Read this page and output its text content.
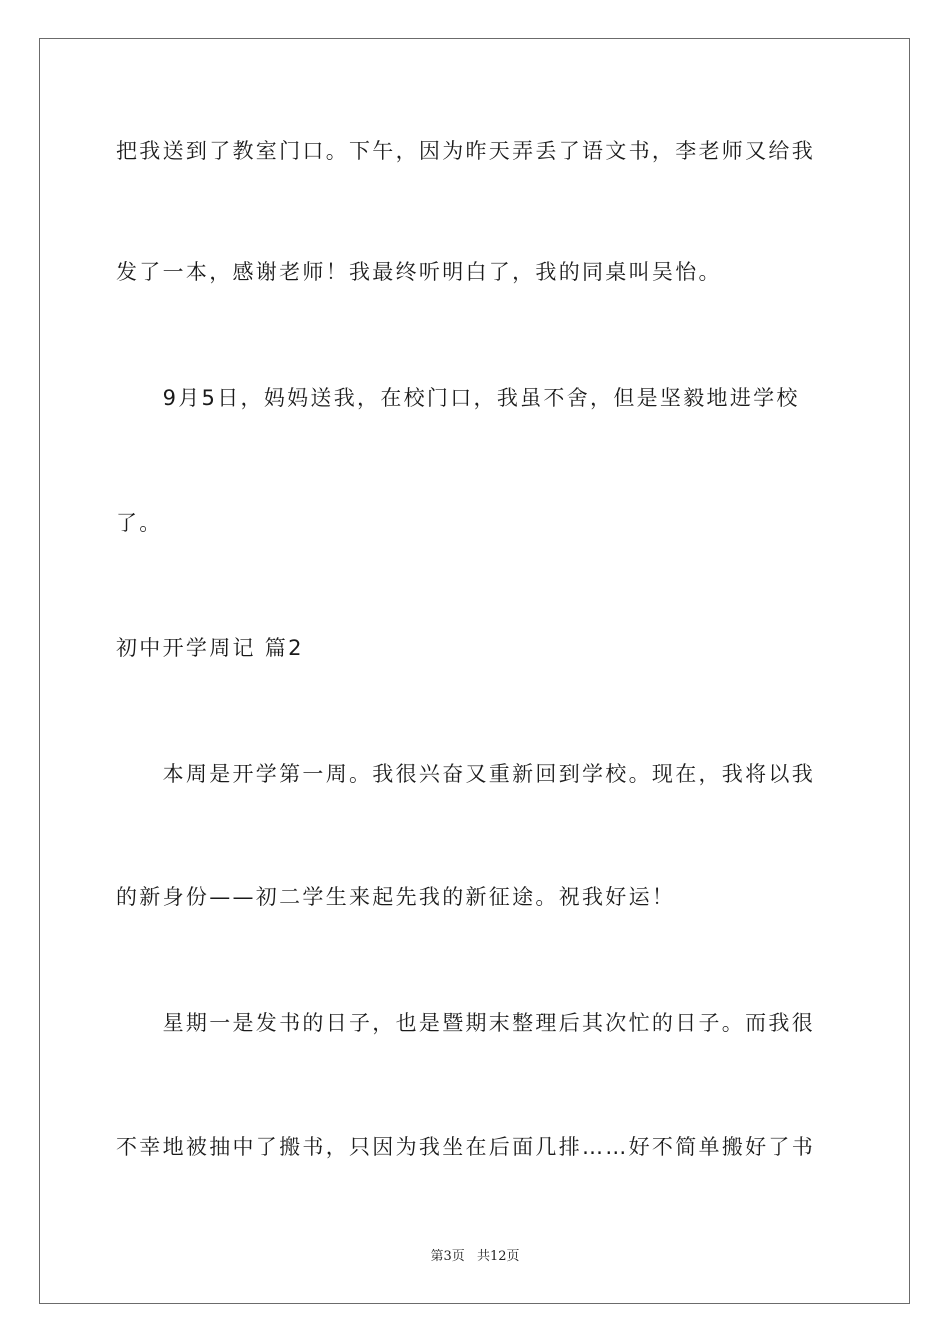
把我送到了教室门口。下午，因为昨天弄丢了语文书，李老师又给我
发了一本，感谢老师！我最终听明白了，我的同桌叫吴怡。
　　9月5日，妈妈送我，在校门口，我虽不舍，但是坚毅地进学校
了。
初中开学周记 篇2
　　本周是开学第一周。我很兴奋又重新回到学校。现在，我将以我
的新身份——初二学生来起先我的新征途。祝我好运！
　　星期一是发书的日子，也是暨期末整理后其次忙的日子。而我很
不幸地被抽中了搬书，只因为我坐在后面几排……好不简单搬好了书
第3页 共12页
